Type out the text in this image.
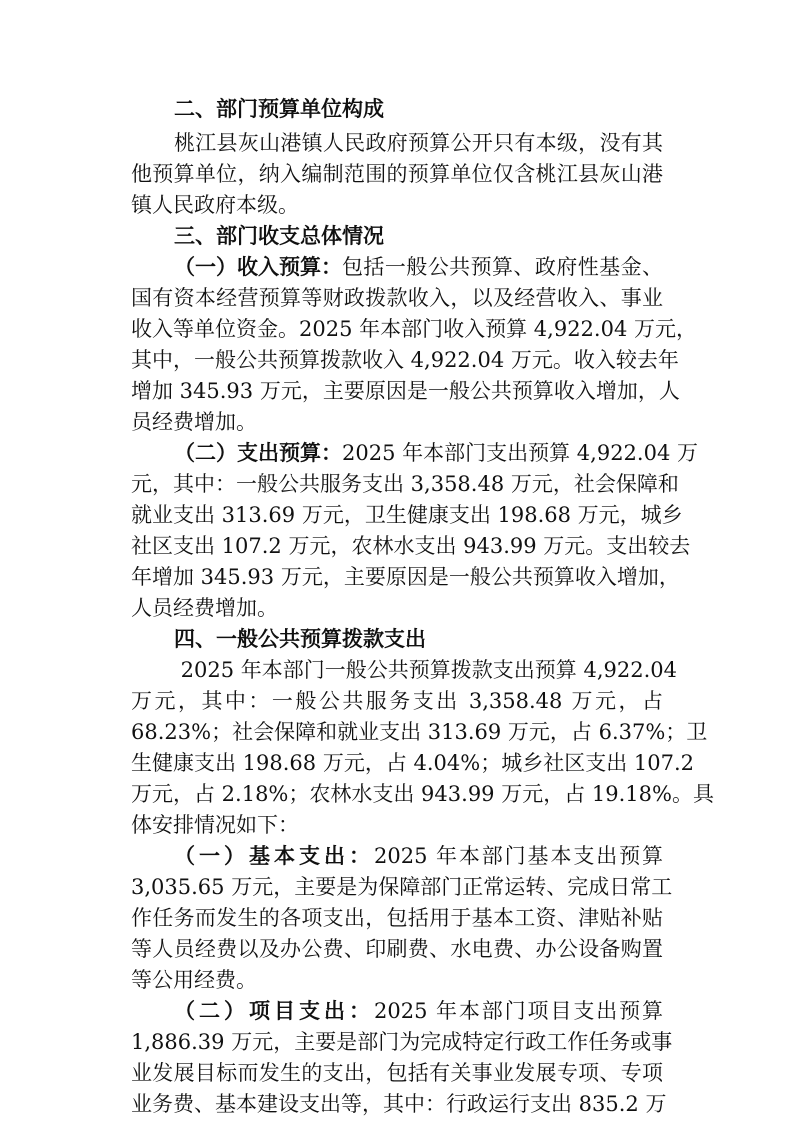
二、部门预算单位构成
桃江县灰山港镇人民政府预算公开只有本级，没有其
他预算单位，纳入编制范围的预算单位仅含桃江县灰山港
镇人民政府本级。
三、部门收支总体情况
（一）收入预算： 包括一般公共预算、政府性基金、
国有资本经营预算等财政拨款收入，以及经营收入、事业
收入等单位资金。2025 年本部门收入预算 4,922.04 万元，
其中，一般公共预算拨款收入 4,922.04 万元。收入较去年
增加 345.93 万元，主要原因是一般公共预算收入增加，人
员经费增加。
（二）支出预算： 2025 年本部门支出预算 4,922.04 万
元，其中：一般公共服务支出 3,358.48 万元，社会保障和
就业支出 313.69 万元，卫生健康支出 198.68 万元，城乡
社区支出 107.2 万元，农林水支出 943.99 万元。支出较去
年增加 345.93 万元，主要原因是一般公共预算收入增加，
人员经费增加。
四、一般公共预算拨款支出
2025 年本部门一般公共预算拨款支出预算 4,922.04
万元，其中：一般公共服务支出 3,358.48 万元，占
68.23%；社会保障和就业支出 313.69 万元，占 6.37%；卫
生健康支出 198.68 万元，占 4.04%；城乡社区支出 107.2
万元，占 2.18%；农林水支出 943.99 万元，占 19.18%。具
体安排情况如下：
（一）基本支出： 2025 年本部门基本支出预算
3,035.65 万元，主要是为保障部门正常运转、完成日常工
作任务而发生的各项支出，包括用于基本工资、津贴补贴
等人员经费以及办公费、印刷费、水电费、办公设备购置
等公用经费。
（二）项目支出： 2025 年本部门项目支出预算
1,886.39 万元，主要是部门为完成特定行政工作任务或事
业发展目标而发生的支出，包括有关事业发展专项、专项
业务费、基本建设支出等，其中：行政运行支出 835.2 万
